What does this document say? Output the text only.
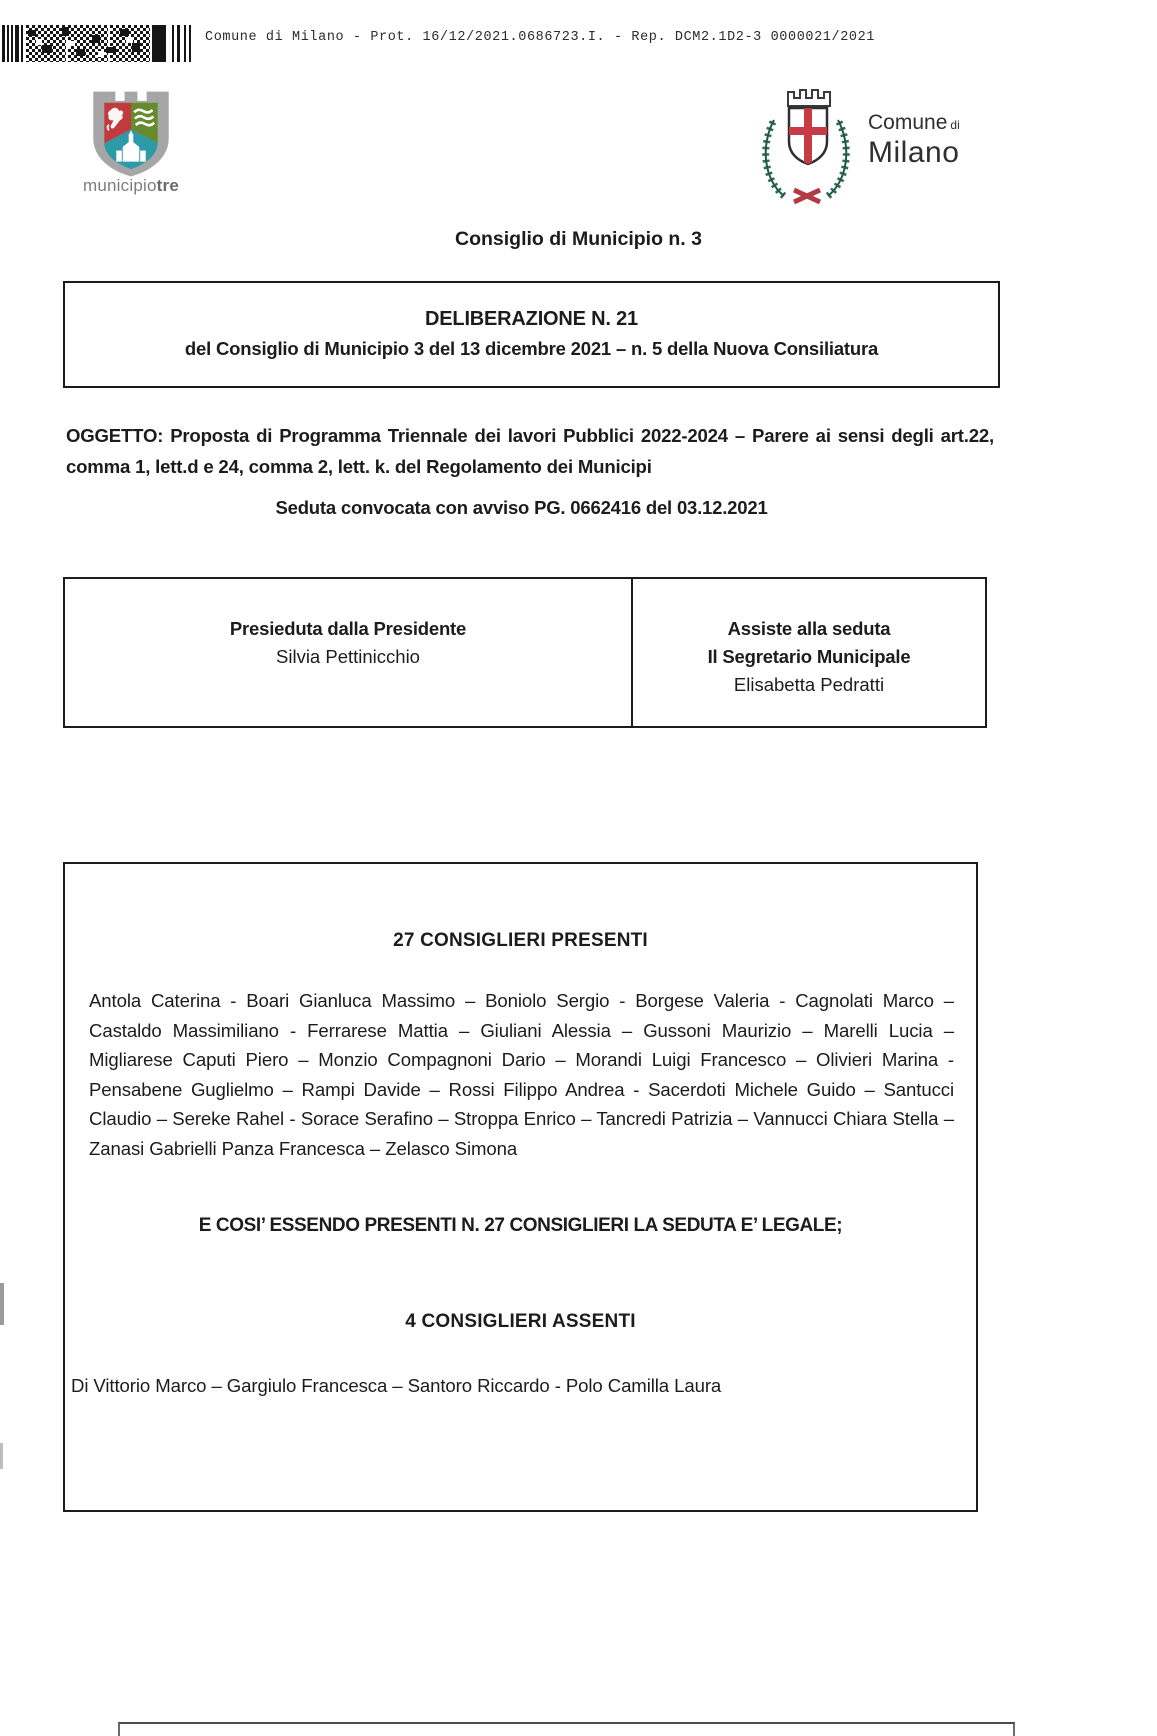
Comune di Milano - Prot. 16/12/2021.0686723.I. - Rep. DCM2.1D2-3 0000021/2021
municipiotre
Comune di
Milano
Consiglio di Municipio n. 3
DELIBERAZIONE N. 21
del Consiglio di Municipio 3 del 13 dicembre 2021 – n. 5 della Nuova Consiliatura
OGGETTO: Proposta di Programma Triennale dei lavori Pubblici 2022-2024 – Parere ai sensi degli art.22, comma 1, lett.d e 24, comma 2, lett. k. del Regolamento dei Municipi
Seduta convocata con avviso PG. 0662416 del 03.12.2021
Presieduta dalla Presidente
Silvia Pettinicchio
Assiste alla seduta
Il Segretario Municipale
Elisabetta Pedratti
27 CONSIGLIERI PRESENTI
Antola Caterina - Boari Gianluca Massimo – Boniolo Sergio - Borgese Valeria - Cagnolati Marco – Castaldo Massimiliano - Ferrarese Mattia – Giuliani Alessia – Gussoni Maurizio – Marelli Lucia – Migliarese Caputi Piero – Monzio Compagnoni Dario – Morandi Luigi Francesco – Olivieri Marina - Pensabene Guglielmo – Rampi Davide – Rossi Filippo Andrea - Sacerdoti Michele Guido – Santucci Claudio – Sereke Rahel - Sorace Serafino – Stroppa Enrico – Tancredi Patrizia – Vannucci Chiara Stella – Zanasi Gabrielli Panza Francesca – Zelasco Simona
E COSI’ ESSENDO PRESENTI N. 27 CONSIGLIERI LA SEDUTA E’ LEGALE;
4 CONSIGLIERI ASSENTI
Di Vittorio Marco – Gargiulo Francesca – Santoro Riccardo - Polo Camilla Laura
